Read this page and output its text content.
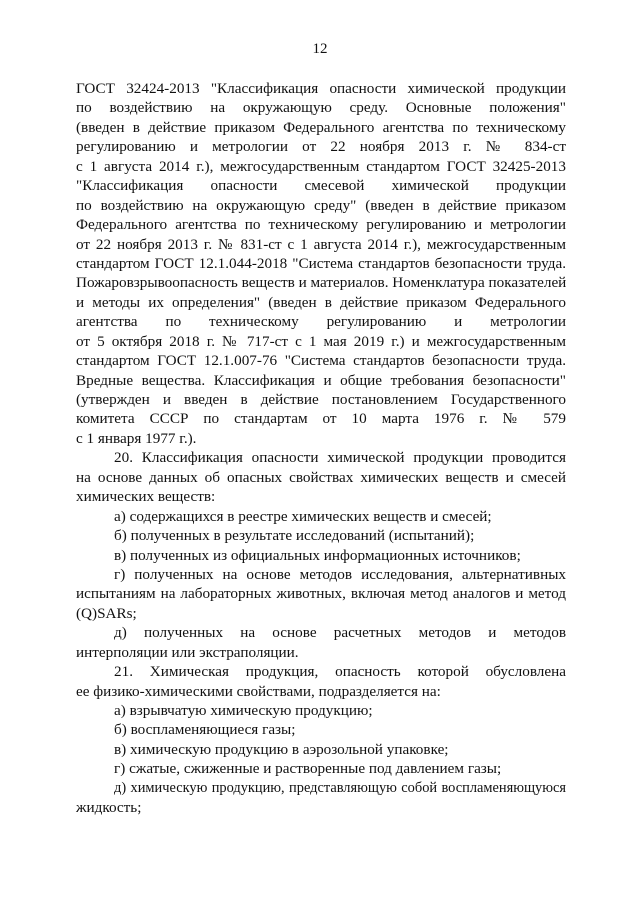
12
ГОСТ 32424-2013 "Классификация опасности химической продукции
по воздействию на окружающую среду. Основные положения"
(введен в действие приказом Федерального агентства по техническому
регулированию и метрологии от 22 ноября 2013 г. № 834-ст
с 1 августа 2014 г.), межгосударственным стандартом ГОСТ 32425-2013
"Классификация опасности смесевой химической продукции
по воздействию на окружающую среду" (введен в действие приказом
Федерального агентства по техническому регулированию и метрологии
от 22 ноября 2013 г. № 831-ст с 1 августа 2014 г.), межгосударственным
стандартом ГОСТ 12.1.044-2018 "Система стандартов безопасности труда.
Пожаровзрывоопасность веществ и материалов. Номенклатура показателей
и методы их определения" (введен в действие приказом Федерального
агентства по техническому регулированию и метрологии
от 5 октября 2018 г. № 717-ст с 1 мая 2019 г.) и межгосударственным
стандартом ГОСТ 12.1.007-76 "Система стандартов безопасности труда.
Вредные вещества. Классификация и общие требования безопасности"
(утвержден и введен в действие постановлением Государственного
комитета СССР по стандартам от 10 марта 1976 г. № 579
с 1 января 1977 г.).
20. Классификация опасности химической продукции проводится
на основе данных об опасных свойствах химических веществ и смесей
химических веществ:
а) содержащихся в реестре химических веществ и смесей;
б) полученных в результате исследований (испытаний);
в) полученных из официальных информационных источников;
г) полученных на основе методов исследования, альтернативных
испытаниям на лабораторных животных, включая метод аналогов и метод
(Q)SARs;
д) полученных на основе расчетных методов и методов
интерполяции или экстраполяции.
21. Химическая продукция, опасность которой обусловлена
ее физико-химическими свойствами, подразделяется на:
а) взрывчатую химическую продукцию;
б) воспламеняющиеся газы;
в) химическую продукцию в аэрозольной упаковке;
г) сжатые, сжиженные и растворенные под давлением газы;
д) химическую продукцию, представляющую собой воспламеняющуюся
жидкость;
